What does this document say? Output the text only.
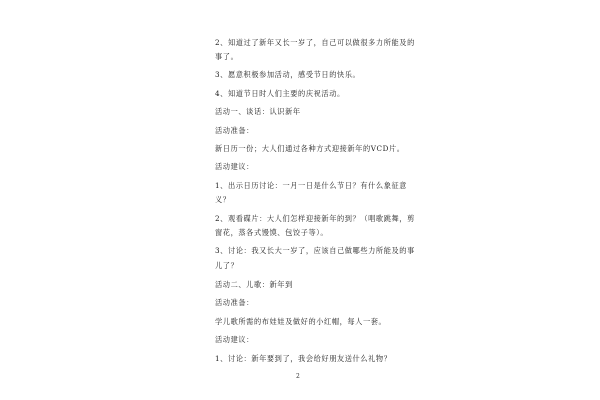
2、知道过了新年又长一岁了，自己可以做很多力所能及的
事了。
3、愿意积极参加活动，感受节日的快乐。
4、知道节日时人们主要的庆祝活动。
活动一、谈话：认识新年
活动准备：
新日历一份；大人们通过各种方式迎接新年的VCD片。
活动建议：
1、出示日历讨论：一月一日是什么节日？有什么象征意
义？
2、观看碟片：大人们怎样迎接新年的到？（唱歌跳舞，剪
窗花，蒸各式馒馍、包饺子等）。
3、讨论：我又长大一岁了，应该自己做哪些力所能及的事
儿了？
活动二、儿歌：新年到
活动准备：
学儿歌所需的布娃娃及做好的小红帽，每人一套。
活动建议：
1、讨论：新年要到了，我会给好朋友送什么礼物？
2
